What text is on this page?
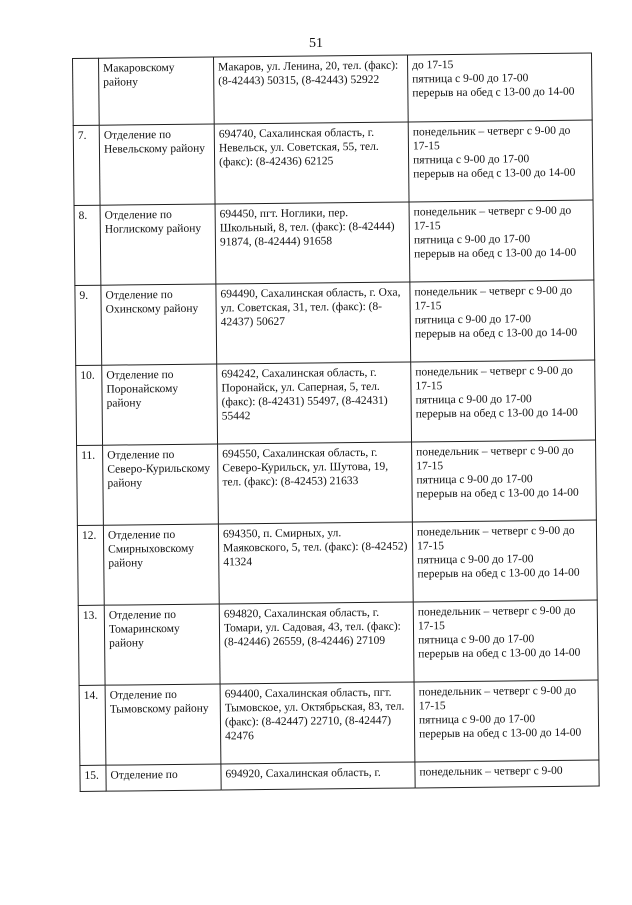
51
	Макаровскому району	Макаров, ул. Ленина, 20, тел. (факс): (8-42443) 50315, (8-42443) 52922	до 17-15
пятница с 9-00 до 17-00
перерыв на обед с 13-00 до 14-00
7.	Отделение по Невельскому району	694740, Сахалинская область, г. Невельск, ул. Советская, 55, тел. (факс): (8-42436) 62125	понедельник – четверг с 9-00 до 17-15
пятница с 9-00 до 17-00
перерыв на обед с 13-00 до 14-00
8.	Отделение по Ноглискому району	694450, пгт. Ноглики, пер. Школьный, 8, тел. (факс): (8-42444) 91874, (8-42444) 91658	понедельник – четверг с 9-00 до 17-15
пятница с 9-00 до 17-00
перерыв на обед с 13-00 до 14-00
9.	Отделение по Охинскому району	694490, Сахалинская область, г. Оха, ул. Советская, 31, тел. (факс): (8-42437) 50627	понедельник – четверг с 9-00 до 17-15
пятница с 9-00 до 17-00
перерыв на обед с 13-00 до 14-00
10.	Отделение по Поронайскому району	694242, Сахалинская область, г. Поронайск, ул. Саперная, 5, тел. (факс): (8-42431) 55497, (8-42431) 55442	понедельник – четверг с 9-00 до 17-15
пятница с 9-00 до 17-00
перерыв на обед с 13-00 до 14-00
11.	Отделение по Северо-Курильскому району	694550, Сахалинская область, г. Северо-Курильск, ул. Шутова, 19, тел. (факс): (8-42453) 21633	понедельник – четверг с 9-00 до 17-15
пятница с 9-00 до 17-00
перерыв на обед с 13-00 до 14-00
12.	Отделение по Смирныховскому району	694350, п. Смирных, ул. Маяковского, 5, тел. (факс): (8-42452) 41324	понедельник – четверг с 9-00 до 17-15
пятница с 9-00 до 17-00
перерыв на обед с 13-00 до 14-00
13.	Отделение по Томаринскому району	694820, Сахалинская область, г. Томари, ул. Садовая, 43, тел. (факс): (8-42446) 26559, (8-42446) 27109	понедельник – четверг с 9-00 до 17-15
пятница с 9-00 до 17-00
перерыв на обед с 13-00 до 14-00
14.	Отделение по Тымовскому району	694400, Сахалинская область, пгт. Тымовское, ул. Октябрьская, 83, тел. (факс): (8-42447) 22710, (8-42447) 42476	понедельник – четверг с 9-00 до 17-15
пятница с 9-00 до 17-00
перерыв на обед с 13-00 до 14-00
15.	Отделение по	694920, Сахалинская область, г.	понедельник – четверг с 9-00
